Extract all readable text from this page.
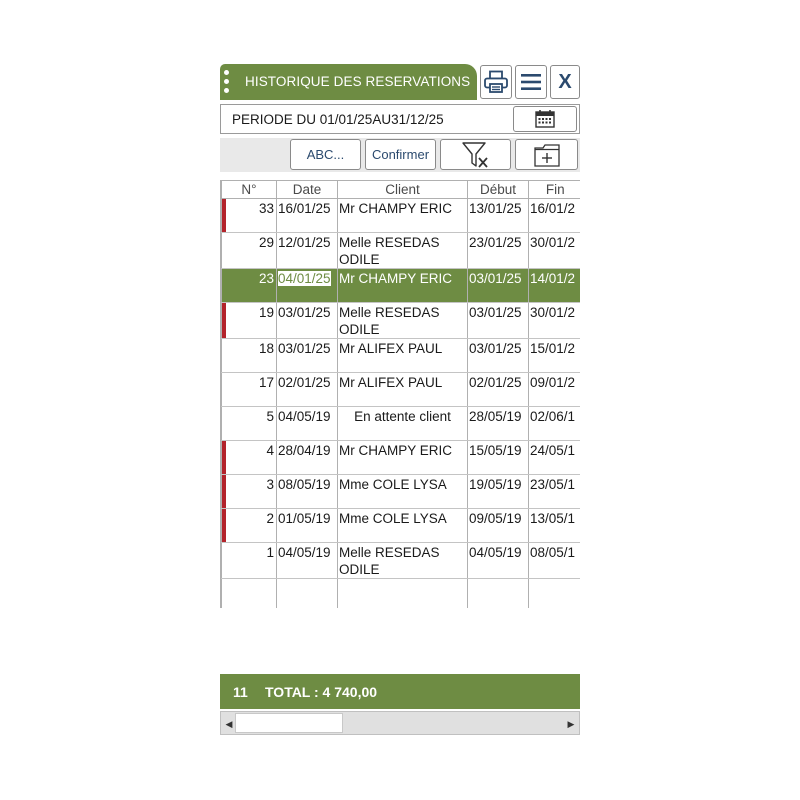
HISTORIQUE DES RESERVATIONS	X
PERIODE DU 01/01/25AU31/12/25
ABC...	Confirmer
N°	Date	Client	Début	Fin
33	16/01/25	Mr CHAMPY ERIC	13/01/25	16/01/2
29	12/01/25	Melle RESEDAS ODILE	23/01/25	30/01/2
23	04/01/25	Mr CHAMPY ERIC	03/01/25	14/01/2
19	03/01/25	Melle RESEDAS ODILE	03/01/25	30/01/2
18	03/01/25	Mr ALIFEX PAUL	03/01/25	15/01/2
17	02/01/25	Mr ALIFEX PAUL	02/01/25	09/01/2
5	04/05/19	En attente client	28/05/19	02/06/1
4	28/04/19	Mr CHAMPY ERIC	15/05/19	24/05/1
3	08/05/19	Mme COLE LYSA	19/05/19	23/05/1
2	01/05/19	Mme COLE LYSA	09/05/19	13/05/1
1	04/05/19	Melle RESEDAS ODILE	04/05/19	08/05/1

11 TOTAL : 4 740,00
◀	▶
